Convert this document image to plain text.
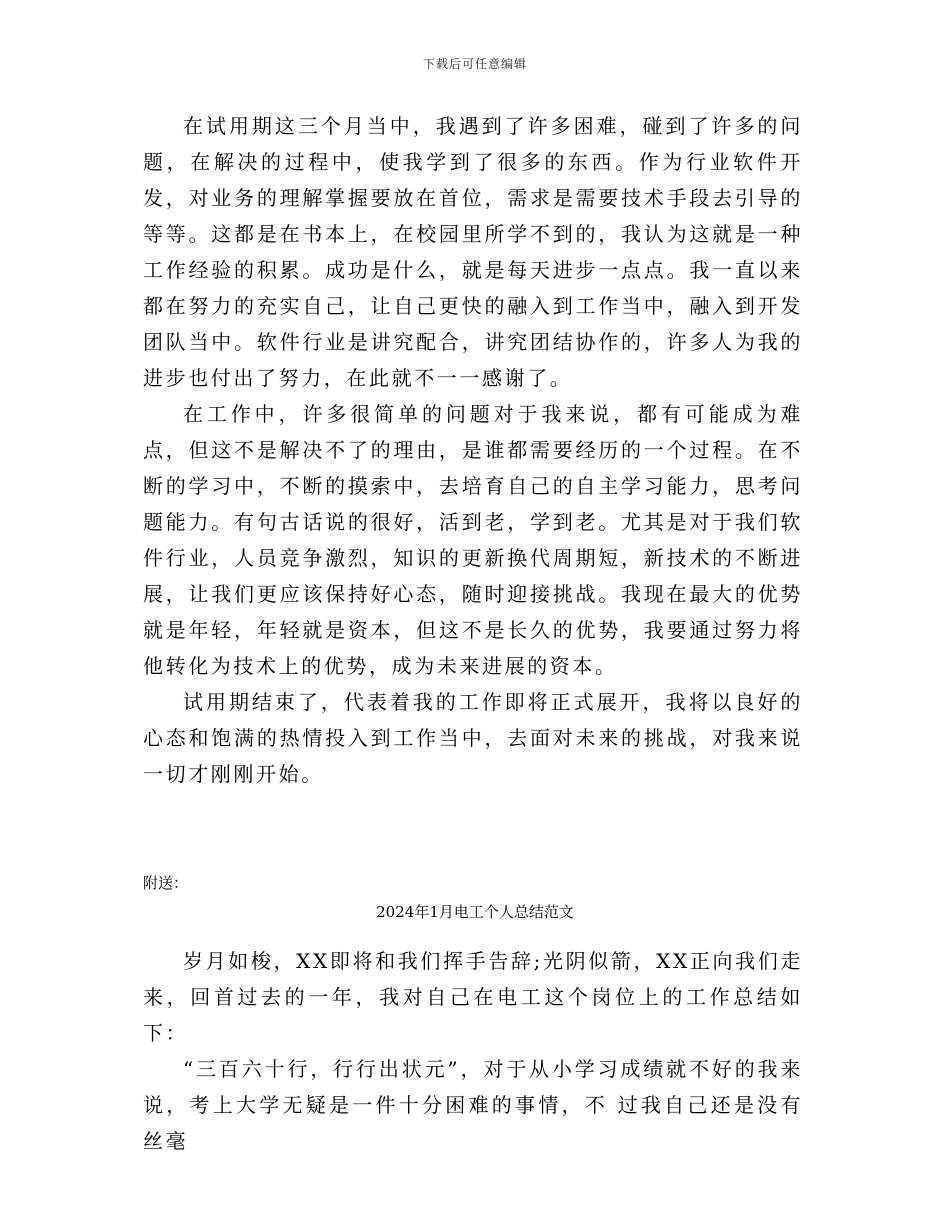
下载后可任意编辑

在试用期这三个月当中，我遇到了许多困难，碰到了许多的问题，在解决的过程中，使我学到了很多的东西。作为行业软件开发，对业务的理解掌握要放在首位，需求是需要技术手段去引导的等等。这都是在书本上，在校园里所学不到的，我认为这就是一种工作经验的积累。成功是什么，就是每天进步一点点。我一直以来都在努力的充实自己，让自己更快的融入到工作当中，融入到开发团队当中。软件行业是讲究配合，讲究团结协作的，许多人为我的进步也付出了努力，在此就不一一感谢了。

在工作中，许多很简单的问题对于我来说，都有可能成为难点，但这不是解决不了的理由，是谁都需要经历的一个过程。在不断的学习中，不断的摸索中，去培育自己的自主学习能力，思考问题能力。有句古话说的很好，活到老，学到老。尤其是对于我们软件行业，人员竞争激烈，知识的更新换代周期短，新技术的不断进展，让我们更应该保持好心态，随时迎接挑战。我现在最大的优势就是年轻，年轻就是资本，但这不是长久的优势，我要通过努力将他转化为技术上的优势，成为未来进展的资本。

试用期结束了，代表着我的工作即将正式展开，我将以良好的心态和饱满的热情投入到工作当中，去面对未来的挑战，对我来说一切才刚刚开始。

附送：
2024年1月电工个人总结范文

岁月如梭，XX即将和我们挥手告辞;光阴似箭，XX正向我们走来，回首过去的一年，我对自己在电工这个岗位上的工作总结如下：

“三百六十行，行行出状元”，对于从小学习成绩就不好的我来说，考上大学无疑是一件十分困难的事情，不 过我自己还是没有丝毫
